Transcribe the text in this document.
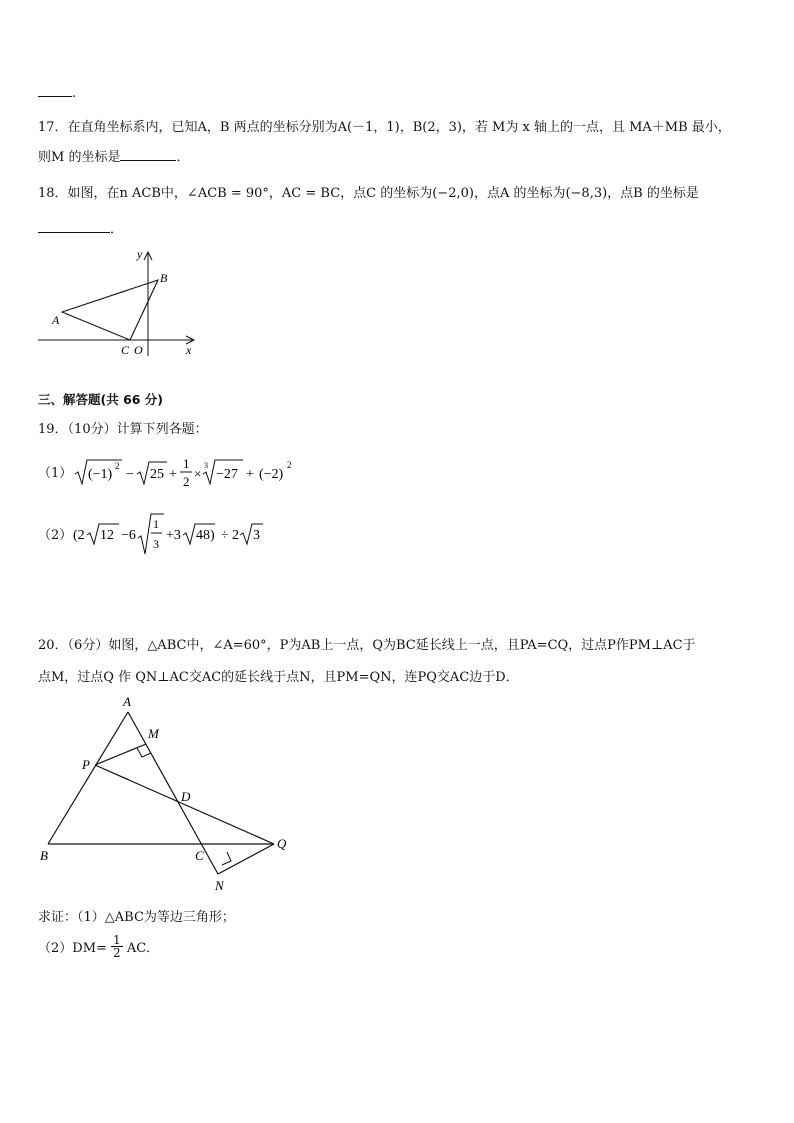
.
17．在直角坐标系内，已知A，B 两点的坐标分别为A(－1，1)，B(2，3)，若 M为 x 轴上的一点，且 MA＋MB 最小，
则M 的坐标是	．
18．如图，在n ACB中，∠ACB = 90°，AC = BC，点C 的坐标为(−2,0)，点A 的坐标为(−8,3)，点B 的坐标是
．
y
B
A
C O	x
三、解答题(共 66 分)
19．（10分）计算下列各题：
（1） (−1)
2
− 25 +
1
2
×
3
−27 + (−2)
2
（2） (2 12 −6
1
3
+3 48) ÷ 2 3
20．（6分）如图，△ABC中，∠A=60°，P为AB上一点，Q为BC延长线上一点，且PA=CQ，过点P作PM⊥AC于
点M，过点Q 作 QN⊥AC交AC的延长线于点N，且PM=QN，连PQ交AC边于D．
A
M
P
D
B	C
Q
N
求证：（1）△ABC为等边三角形；
$(2)DM= \frac{1}{2}$ AC．
